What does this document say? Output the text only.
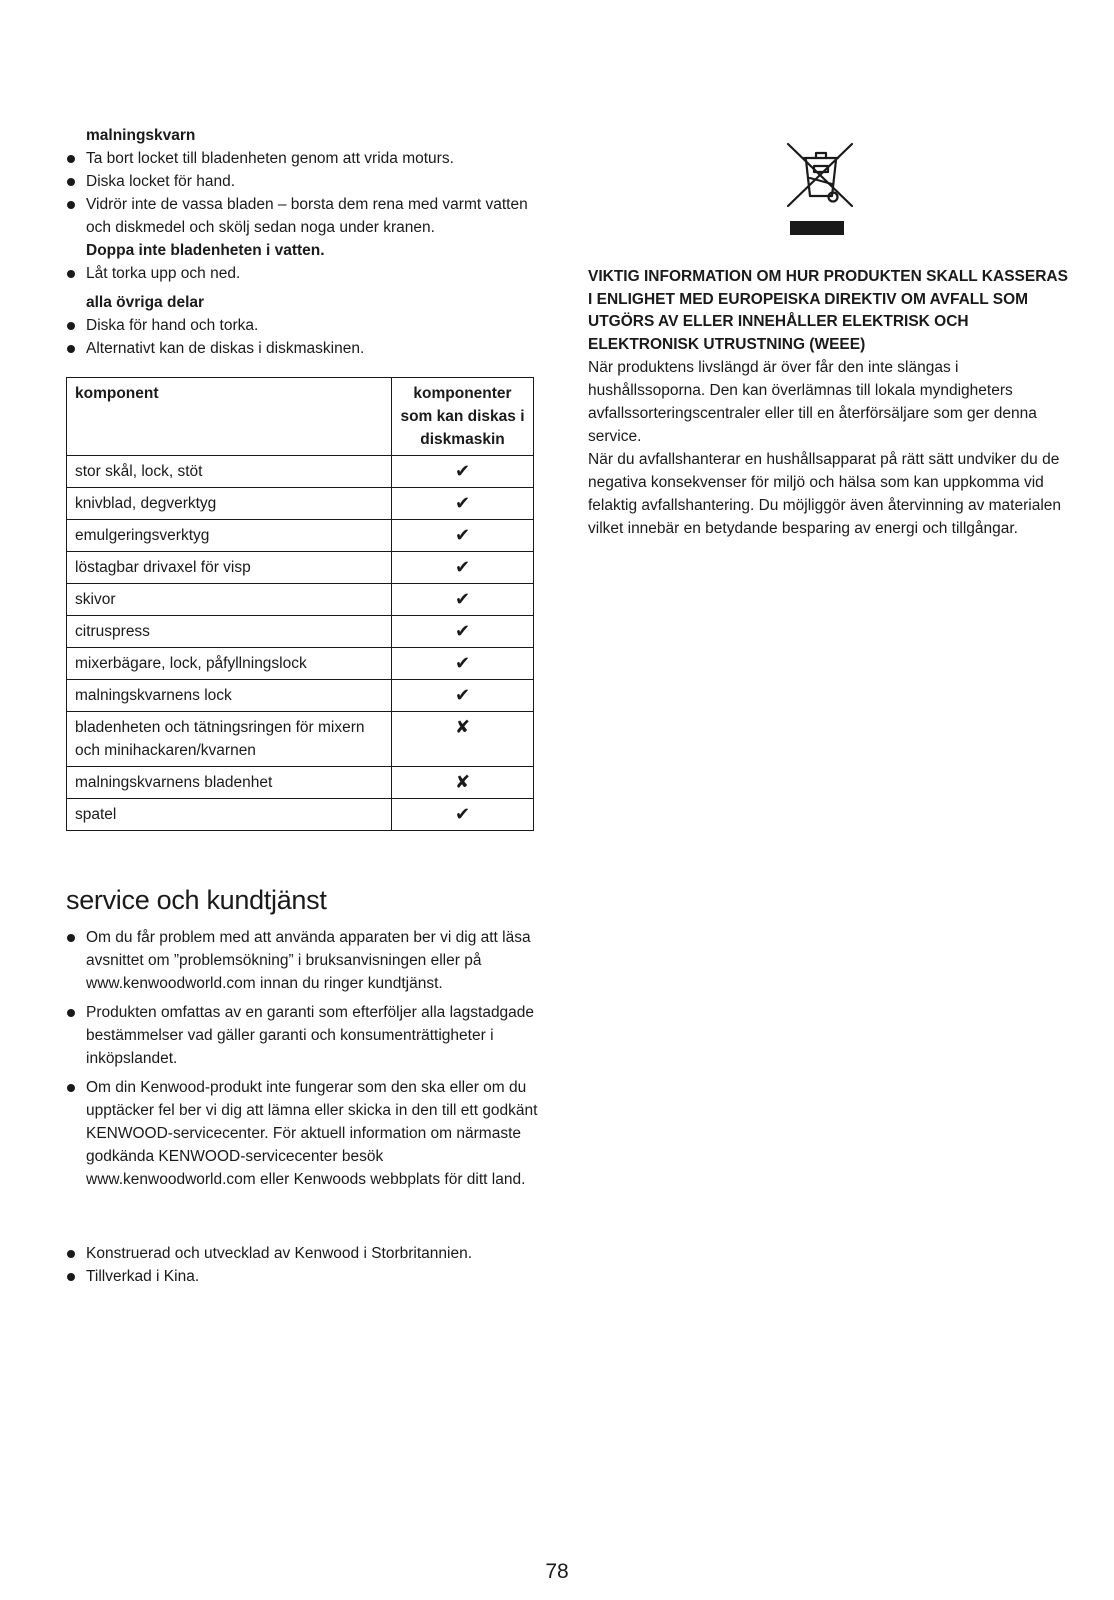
malningskvarn

Ta bort locket till bladenheten genom att vrida moturs.
Diska locket för hand.
Vidrör inte de vassa bladen – borsta dem rena med varmt vatten och diskmedel och skölj sedan noga under kranen.
Doppa inte bladenheten i vatten.
Låt torka upp och ned.

alla övriga delar

Diska för hand och torka.
Alternativt kan de diskas i diskmaskinen.
komponent	komponenter som kan diskas i diskmaskin
stor skål, lock, stöt	✔
knivblad, degverktyg	✔
emulgeringsverktyg	✔
löstagbar drivaxel för visp	✔
skivor	✔
citruspress	✔
mixerbägare, lock, påfyllningslock	✔
malningskvarnens lock	✔
bladenheten och tätningsringen för mixern och minihackaren/kvarnen	✘
malningskvarnens bladenhet	✘
spatel	✔
service och kundtjänst
Om du får problem med att använda apparaten ber vi dig att läsa avsnittet om ”problemsökning” i bruksanvisningen eller på www.kenwoodworld.com innan du ringer kundtjänst.
Produkten omfattas av en garanti som efterföljer alla lagstadgade bestämmelser vad gäller garanti och konsumenträttigheter i inköpslandet.
Om din Kenwood-produkt inte fungerar som den ska eller om du upptäcker fel ber vi dig att lämna eller skicka in den till ett godkänt KENWOOD-servicecenter. För aktuell information om närmaste godkända KENWOOD-servicecenter besök www.kenwoodworld.com eller Kenwoods webbplats för ditt land.
Konstruerad och utvecklad av Kenwood i Storbritannien.
Tillverkad i Kina.

VIKTIG INFORMATION OM HUR PRODUKTEN SKALL KASSERAS I ENLIGHET MED EUROPEISKA DIREKTIV OM AVFALL SOM UTGÖRS AV ELLER INNEHÅLLER ELEKTRISK OCH ELEKTRONISK UTRUSTNING (WEEE)

När produktens livslängd är över får den inte slängas i hushållssoporna. Den kan överlämnas till lokala myndigheters avfallssorteringscentraler eller till en återförsäljare som ger denna service.

När du avfallshanterar en hushållsapparat på rätt sätt undviker du de negativa konsekvenser för miljö och hälsa som kan uppkomma vid felaktig avfallshantering. Du möjliggör även återvinning av materialen vilket innebär en betydande besparing av energi och tillgångar.

78
